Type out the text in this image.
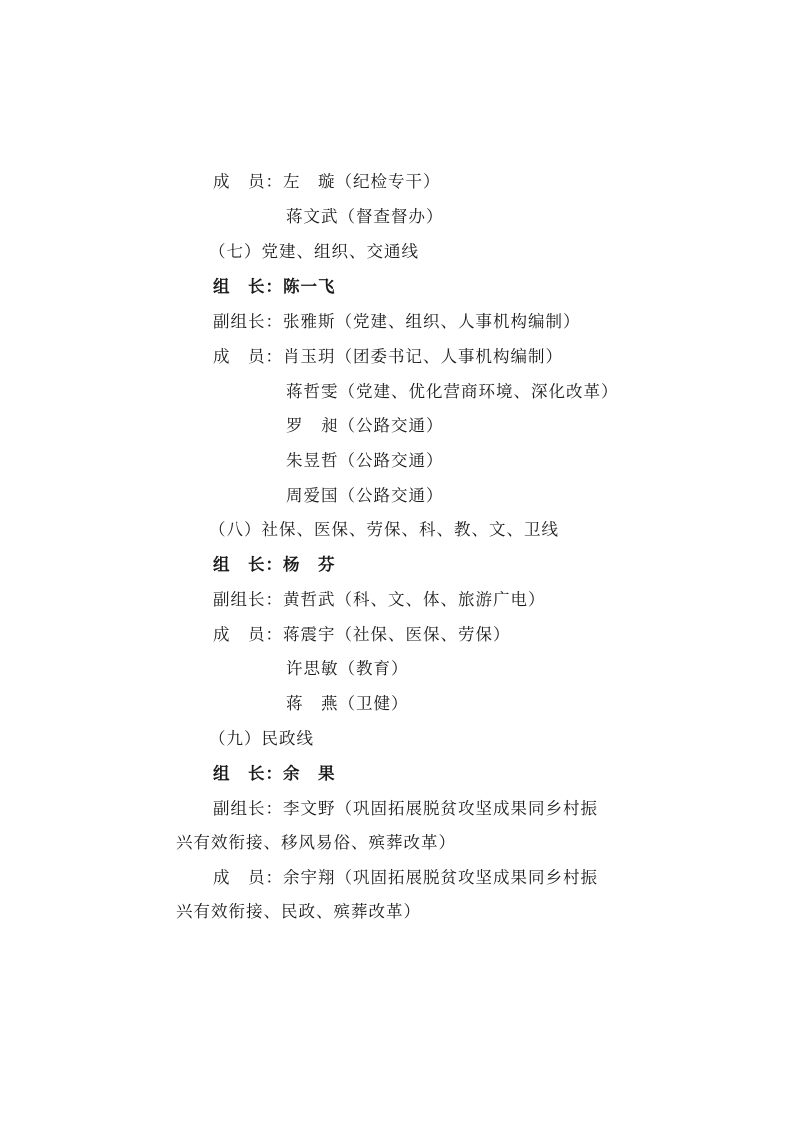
成　员：左　璇（纪检专干）
蒋文武（督查督办）
（七）党建、组织、交通线
组　长：陈一飞
副组长：张雅斯（党建、组织、人事机构编制）
成　员：肖玉玥（团委书记、人事机构编制）
蒋哲雯（党建、优化营商环境、深化改革）
罗　昶（公路交通）
朱昱哲（公路交通）
周爱国（公路交通）
（八）社保、医保、劳保、科、教、文、卫线
组　长：杨　芬
副组长：黄哲武（科、文、体、旅游广电）
成　员：蒋震宇（社保、医保、劳保）
许思敏（教育）
蒋　燕（卫健）
（九）民政线
组　长：余　果
副组长：李文野（巩固拓展脱贫攻坚成果同乡村振
兴有效衔接、移风易俗、殡葬改革）
成　员：余宇翔（巩固拓展脱贫攻坚成果同乡村振
兴有效衔接、民政、殡葬改革）
